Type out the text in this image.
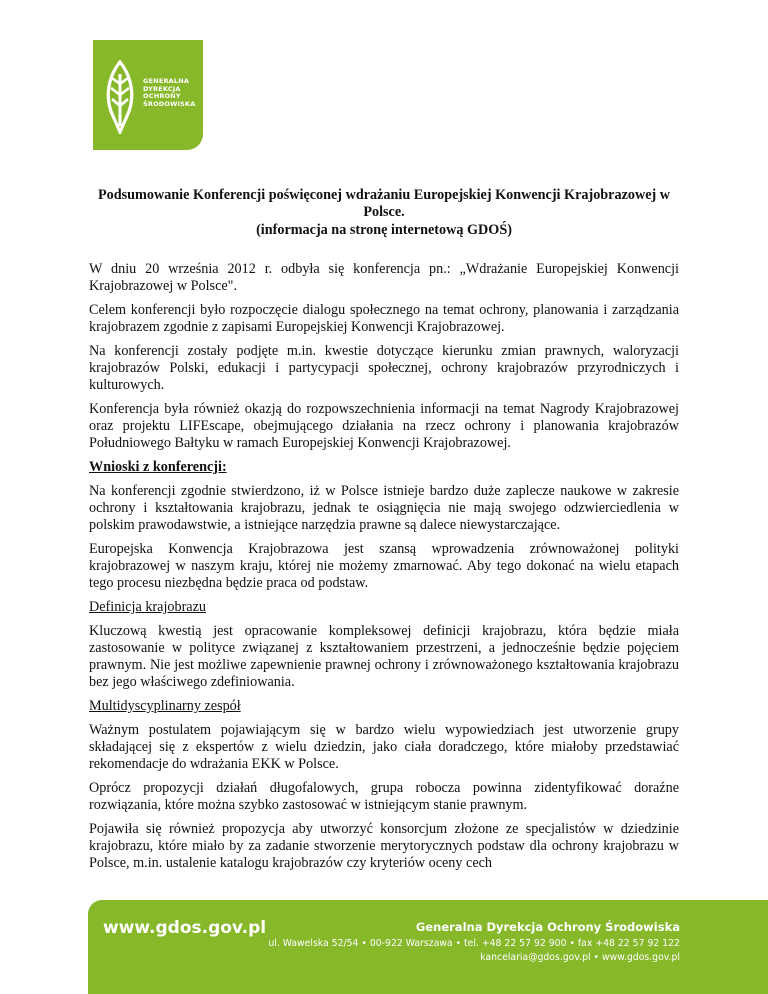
GENERALNA
DYREKCJA
OCHRONY
ŚRODOWISKA
Podsumowanie Konferencji poświęconej wdrażaniu Europejskiej Konwencji Krajobrazowej w Polsce.
(informacja na stronę internetową GDOŚ)

W dniu 20 września 2012 r. odbyła się konferencja pn.: „Wdrażanie Europejskiej Konwencji Krajobrazowej w Polsce".

Celem konferencji było rozpoczęcie dialogu społecznego na temat ochrony, planowania i zarządzania krajobrazem zgodnie z zapisami Europejskiej Konwencji Krajobrazowej.

Na konferencji zostały podjęte m.in. kwestie dotyczące kierunku zmian prawnych, waloryzacji krajobrazów Polski, edukacji i partycypacji społecznej, ochrony krajobrazów przyrodniczych i kulturowych.

Konferencja była również okazją do rozpowszechnienia informacji na temat Nagrody Krajobrazowej oraz projektu LIFEscape, obejmującego działania na rzecz ochrony i planowania krajobrazów Południowego Bałtyku w ramach Europejskiej Konwencji Krajobrazowej.

Wnioski z konferencji:

Na konferencji zgodnie stwierdzono, iż w Polsce istnieje bardzo duże zaplecze naukowe w zakresie ochrony i kształtowania krajobrazu, jednak te osiągnięcia nie mają swojego odzwierciedlenia w polskim prawodawstwie, a istniejące narzędzia prawne są dalece niewystarczające.

Europejska Konwencja Krajobrazowa jest szansą wprowadzenia zrównoważonej polityki krajobrazowej w naszym kraju, której nie możemy zmarnować. Aby tego dokonać na wielu etapach tego procesu niezbędna będzie praca od podstaw.

Definicja krajobrazu

Kluczową kwestią jest opracowanie kompleksowej definicji krajobrazu, która będzie miała zastosowanie w polityce związanej z kształtowaniem przestrzeni, a jednocześnie będzie pojęciem prawnym. Nie jest możliwe zapewnienie prawnej ochrony i zrównoważonego kształtowania krajobrazu bez jego właściwego zdefiniowania.

Multidyscyplinarny zespół

Ważnym postulatem pojawiającym się w bardzo wielu wypowiedziach jest utworzenie grupy składającej się z ekspertów z wielu dziedzin, jako ciała doradczego, które miałoby przedstawiać rekomendacje do wdrażania EKK w Polsce.

Oprócz propozycji działań długofalowych, grupa robocza powinna zidentyfikować doraźne rozwiązania, które można szybko zastosować w istniejącym stanie prawnym.

Pojawiła się również propozycja aby utworzyć konsorcjum złożone ze specjalistów w dziedzinie krajobrazu, które miało by za zadanie stworzenie merytorycznych podstaw dla ochrony krajobrazu w Polsce, m.in. ustalenie katalogu krajobrazów czy kryteriów oceny cech

www.gdos.gov.pl	Generalna Dyrekcja Ochrony Środowiska
ul. Wawelska 52/54 • 00-922 Warszawa • tel. +48 22 57 92 900 • fax +48 22 57 92 122
kancelaria@gdos.gov.pl • www.gdos.gov.pl
